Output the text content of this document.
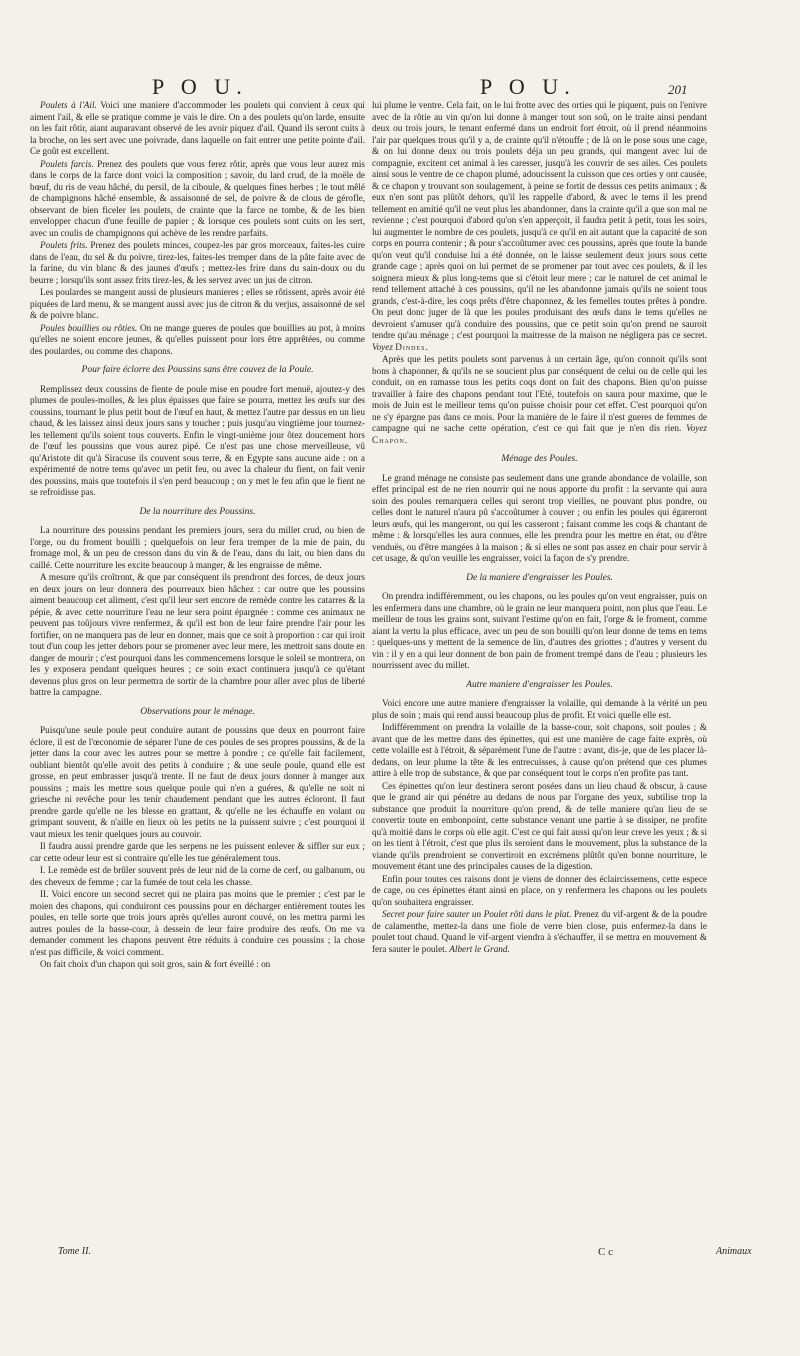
P O U.	P O U.	201

Poulets à l'Ail. Voici une maniere d'accommoder les poulets qui convient à ceux qui aiment l'ail, & elle se pratique comme je vais le dire. On a des poulets qu'on larde, ensuite on les fait rôtir, aiant auparavant observé de les avoir piquez d'ail. Quand ils seront cuits à la broche, on les sert avec une poivrade, dans laquelle on fait entrer une petite pointe d'ail. Ce goût est excellent.

Poulets farcis. Prenez des poulets que vous ferez rôtir, après que vous leur aurez mis dans le corps de la farce dont voici la composition ; savoir, du lard crud, de la moële de bœuf, du ris de veau hâché, du persil, de la ciboule, & quelques fines herbes ; le tout mêlé de champignons hâché ensemble, & assaisonné de sel, de poivre & de clous de gérofle, observant de bien ficeler les poulets, de crainte que la farce ne tombe, & de les bien envelopper chacun d'une feuille de papier ; & lorsque ces poulets sont cuits on les sert, avec un coulis de champignons qui achève de les rendre parfaits.

Poulets frits. Prenez des poulets minces, coupez-les par gros morceaux, faites-les cuire dans de l'eau, du sel & du poivre, tirez-les, faites-les tremper dans de la pâte faite avec de la farine, du vin blanc & des jaunes d'œufs ; mettez-les frire dans du sain-doux ou du beurre ; lorsqu'ils sont assez frits tirez-les, & les servez avec un jus de citron.

Les poulardes se mangent aussi de plusieurs manieres ; elles se rôtissent, après avoir été piquées de lard menu, & se mangent aussi avec jus de citron & du verjus, assaisonné de sel & de poivre blanc.

Poules bouillies ou rôties. On ne mange gueres de poules que bouillies au pot, à moins qu'elles ne soient encore jeunes, & qu'elles puissent pour lors être apprêtées, ou comme des poulardes, ou comme des chapons.

Pour faire éclorre des Poussins sans être couvez de la Poule.

Remplissez deux coussins de fiente de poule mise en poudre fort menuë, ajoutez-y des plumes de poules-molles, & les plus épaisses que faire se pourra, mettez les œufs sur des coussins, tournant le plus petit bout de l'œuf en haut, & mettez l'autre par dessus en un lieu chaud, & les laissez ainsi deux jours sans y toucher ; puis jusqu'au vingtième jour tournez-les tellement qu'ils soient tous couverts. Enfin le vingt-unième jour ôtez doucement hors de l'œuf les poussins que vous aurez pipé. Ce n'est pas une chose merveilleuse, vû qu'Aristote dit qu'à Siracuse ils couvent sous terre, & en Egypte sans aucune aide : on a expérimenté de notre tems qu'avec un petit feu, ou avec la chaleur du fient, on fait venir des poussins, mais que toutefois il s'en perd beaucoup ; on y met le feu afin que le fient ne se refroidisse pas.

De la nourriture des Poussins.

La nourriture des poussins pendant les premiers jours, sera du millet crud, ou bien de l'orge, ou du froment bouilli ; quelquefois on leur fera tremper de la mie de pain, du fromage mol, & un peu de cresson dans du vin & de l'eau, dans du lait, ou bien dans du caillé. Cette nourriture les excite beaucoup à manger, & les engraisse de même.

A mesure qu'ils croîtront, & que par conséquent ils prendront des forces, de deux jours en deux jours on leur donnera des pourreaux bien hâchez : car outre que les poussins aiment beaucoup cet aliment, c'est qu'il leur sert encore de remède contre les catarres & la pépie, & avec cette nourriture l'eau ne leur sera point épargnée : comme ces animaux ne peuvent pas toûjours vivre renfermez, & qu'il est bon de leur faire prendre l'air pour les fortifier, on ne manquera pas de leur en donner, mais que ce soit à proportion : car qui iroit tout d'un coup les jetter dehors pour se promener avec leur mere, les mettroit sans doute en danger de mourir ; c'est pourquoi dans les commencemens lorsque le soleil se montrera, on les y exposera pendant quelques heures ; ce soin exact continuera jusqu'à ce qu'étant devenus plus gros on leur permettra de sortir de la chambre pour aller avec plus de liberté battre la campagne.

Observations pour le ménage.

Puisqu'une seule poule peut conduire autant de poussins que deux en pourront faire éclore, il est de l'œconomie de séparer l'une de ces poules de ses propres poussins, & de la jetter dans la cour avec les autres pour se mettre à pondre ; ce qu'elle fait facilement, oubliant bientôt qu'elle avoit des petits à conduire ; & une seule poule, quand elle est grosse, en peut embrasser jusqu'à trente. Il ne faut de deux jours donner à manger aux poussins ; mais les mettre sous quelque poule qui n'en a guéres, & qu'elle ne soit ni griesche ni revêche pour les tenir chaudement pendant que les autres écloront. Il faut prendre garde qu'elle ne les blesse en grattant, & qu'elle ne les échauffe en volant ou grimpant souvent, & n'aille en lieux où les petits ne la puissent suivre ; c'est pourquoi il vaut mieux les tenir quelques jours au couvoir.

Il faudra aussi prendre garde que les serpens ne les puissent enlever & siffler sur eux ; car cette odeur leur est si contraire qu'elle les tue généralement tous.

I. Le remède est de brûler souvent près de leur nid de la corne de cerf, ou galbanum, ou des cheveux de femme ; car la fumée de tout cela les chasse.

II. Voici encore un second secret qui ne plaira pas moins que le premier ; c'est par le moien des chapons, qui conduiront ces poussins pour en décharger entièrement toutes les poules, en telle sorte que trois jours après qu'elles auront couvé, on les mettra parmi les autres poules de la basse-cour, à dessein de leur faire produire des œufs. On me va demander comment les chapons peuvent être réduits à conduire ces poussins ; la chose n'est pas difficile, & voici comment.

On fait choix d'un chapon qui soit gros, sain & fort éveillé : on

lui plume le ventre. Cela fait, on le lui frotte avec des orties qui le piquent, puis on l'enivre avec de la rôtie au vin qu'on lui donne à manger tout son soû, on le traite ainsi pendant deux ou trois jours, le tenant enfermé dans un endroit fort étroit, où il prend néanmoins l'air par quelques trous qu'il y a, de crainte qu'il n'étouffe ; de là on le pose sous une cage, & on lui donne deux ou trois poulets déja un peu grands, qui mangent avec lui de compagnie, excitent cet animal à les caresser, jusqu'à les couvrir de ses ailes. Ces poulets ainsi sous le ventre de ce chapon plumé, adoucissent la cuisson que ces orties y ont causée, & ce chapon y trouvant son soulagement, à peine se fortit de dessus ces petits animaux ; & eux n'en sont pas plûtôt dehors, qu'il les rappelle d'abord, & avec le tems il les prend tellement en amitié qu'il ne veut plus les abandonner, dans la crainte qu'il a que son mal ne revienne ; c'est pourquoi d'abord qu'on s'en apperçoit, il faudra petit à petit, tous les soirs, lui augmenter le nombre de ces poulets, jusqu'à ce qu'il en ait autant que la capacité de son corps en pourra contenir ; & pour s'accoûtumer avec ces poussins, après que toute la bande qu'on veut qu'il conduise lui a été donnée, on le laisse seulement deux jours sous cette grande cage ; après quoi on lui permet de se promener par tout avec ces poulets, & il les soignera mieux & plus long-tems que si c'étoit leur mere ; car le naturel de cet animal le rend tellement attaché à ces poussins, qu'il ne les abandonne jamais qu'ils ne soient tous grands, c'est-à-dire, les coqs prêts d'être chaponnez, & les femelles toutes prêtes à pondre. On peut donc juger de là que les poules produisant des œufs dans le tems qu'elles ne devroient s'amuser qu'à conduire des poussins, que ce petit soin qu'on prend ne sauroit tendre qu'au ménage ; c'est pourquoi la maitresse de la maison ne négligera pas ce secret. Voyez Dindes.

Après que les petits poulets sont parvenus à un certain âge, qu'on connoit qu'ils sont bons à chaponner, & qu'ils ne se soucient plus par conséquent de celui ou de celle qui les conduit, on en ramasse tous les petits coqs dont on fait des chapons. Bien qu'on puisse travailler à faire des chapons pendant tout l'Eté, toutefois on saura pour maxime, que le mois de Juin est le meilleur tems qu'on puisse choisir pour cet effet. C'est pourquoi qu'on ne s'y épargne pas dans ce mois. Pour la manière de le faire il n'est gueres de femmes de campagne qui ne sache cette opération, c'est ce qui fait que je n'en dis rien. Voyez Chapon.

Ménage des Poules.

Le grand ménage ne consiste pas seulement dans une grande abondance de volaille, son effet principal est de ne rien nourrir qui ne nous apporte du profit : la servante qui aura soin des poules remarquera celles qui seront trop vieilles, ne pouvant plus pondre, ou celles dont le naturel n'aura pû s'accoûtumer à couver ; ou enfin les poules qui égareront leurs œufs, qui les mangeront, ou qui les casseront ; faisant comme les coqs & chantant de même : & lorsqu'elles les aura connues, elle les prendra pour les mettre en état, ou d'être venduës, ou d'être mangées à la maison ; & si elles ne sont pas assez en chair pour servir à cet usage, & qu'on veuille les engraisser, voici la façon de s'y prendre.

De la maniere d'engraisser les Poules.

On prendra indifféremment, ou les chapons, ou les poules qu'on veut engraisser, puis on les enfermera dans une chambre, où le grain ne leur manquera point, non plus que l'eau. Le meilleur de tous les grains sont, suivant l'estime qu'on en fait, l'orge & le froment, comme aiant la vertu la plus efficace, avec un peu de son bouilli qu'on leur donne de tems en tems : quelques-uns y mettent de la semence de lin, d'autres des griottes ; d'autres y versent du vin : il y en a qui leur donnent de bon pain de froment trempé dans de l'eau ; plusieurs les nourrissent avec du millet.

Autre maniere d'engraisser les Poules.

Voici encore une autre maniere d'engraisser la volaille, qui demande à la vérité un peu plus de soin ; mais qui rend aussi beaucoup plus de profit. Et voici quelle elle est.

Indifféremment on prendra la volaille de la basse-cour, soit chapons, soit poules ; & avant que de les mettre dans des épinettes, qui est une manière de cage faite exprès, où cette volaille est à l'étroit, & séparément l'une de l'autre : avant, dis-je, que de les placer là-dedans, on leur plume la tête & les entrecuisses, à cause qu'on prétend que ces plumes attire à elle trop de substance, & que par conséquent tout le corps n'en profite pas tant.

Ces épinettes qu'on leur destinera seront posées dans un lieu chaud & obscur, à cause que le grand air qui pénétre au dedans de nous par l'organe des yeux, subtilise trop la substance que produit la nourriture qu'on prend, & de telle maniere qu'au lieu de se convertir toute en embonpoint, cette substance venant une partie à se dissiper, ne profite qu'à moitié dans le corps où elle agit. C'est ce qui fait aussi qu'on leur creve les yeux ; & si on les tient à l'étroit, c'est que plus ils seroient dans le mouvement, plus la substance de la viande qu'ils prendroient se convertiroit en excrémens plûtôt qu'en bonne nourriture, le mouvement étant une des principales causes de la digestion.

Enfin pour toutes ces raisons dont je viens de donner des éclaircissemens, cette espece de cage, ou ces épinettes étant ainsi en place, on y renfermera les chapons ou les poulets qu'on souhaitera engraisser.

Secret pour faire sauter un Poulet rôti dans le plat. Prenez du vif-argent & de la poudre de calamenthe, mettez-la dans une fiole de verre bien close, puis enfermez-la dans le poulet tout chaud. Quand le vif-argent viendra à s'échauffer, il se mettra en mouvement & fera sauter le poulet. Albert le Grand.

Tome II.	C c	Animaux
